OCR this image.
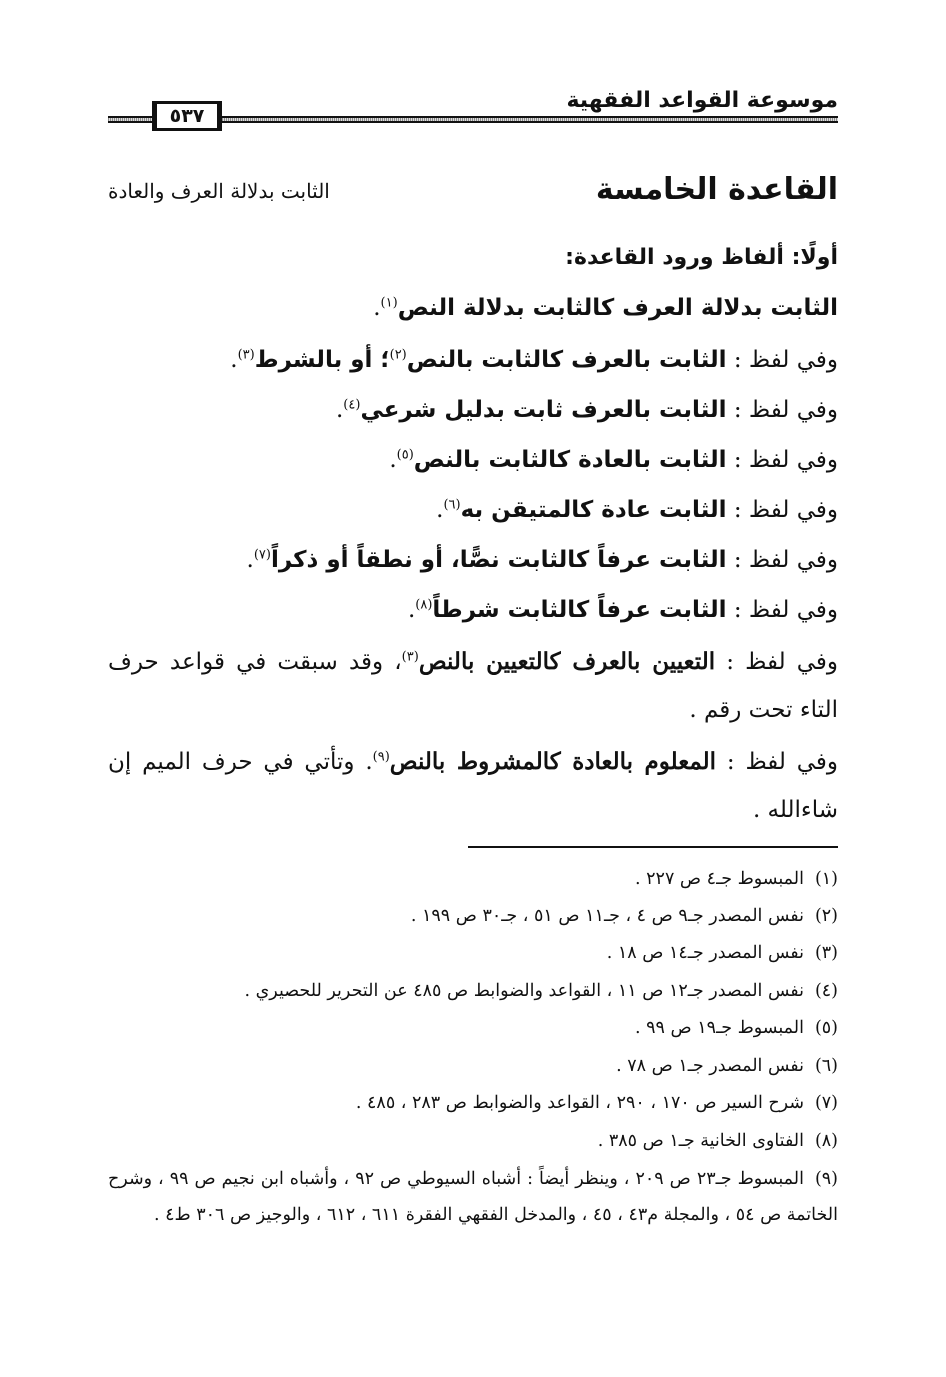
موسوعة القواعد الفقهية
٥٣٧
القاعدة الخامسة
الثابت بدلالة العرف والعادة
أولًا: ألفاظ ورود القاعدة:
الثابت بدلالة العرف كالثابت بدلالة النص$^{(١)}$.
وفي لفظ : الثابت بالعرف كالثابت بالنص$^{(٢)}$؛ أو بالشرط$^{(٣)}$.
وفي لفظ : الثابت بالعرف ثابت بدليل شرعي$^{(٤)}$.
وفي لفظ : الثابت بالعادة كالثابت بالنص$^{(٥)}$.
وفي لفظ : الثابت عادة كالمتيقن به$^{(٦)}$.
وفي لفظ : الثابت عرفاً كالثابت نصًّا، أو نطقاً أو ذكراً$^{(٧)}$.
وفي لفظ : الثابت عرفاً كالثابت شرطاً$^{(٨)}$.
وفي لفظ : التعيين بالعرف كالتعيين بالنص$^{(٣)}$، وقد سبقت في قواعد حرف التاء تحت رقم .
وفي لفظ : المعلوم بالعادة كالمشروط بالنص$^{(٩)}$. وتأتي في حرف الميم إن شاءالله .
(١)المبسوط جـ٤ ص ٢٢٧ .
(٢)نفس المصدر جـ٩ ص ٤ ، جـ١١ ص ٥١ ، جـ٣٠ ص ١٩٩ .
(٣)نفس المصدر جـ١٤ ص ١٨ .
(٤)نفس المصدر جـ١٢ ص ١١ ، القواعد والضوابط ص ٤٨٥ عن التحرير للحصيري .
(٥)المبسوط جـ١٩ ص ٩٩ .
(٦)نفس المصدر جـ١ ص ٧٨ .
(٧)شرح السير ص ١٧٠ ، ٢٩٠ ، القواعد والضوابط ص ٢٨٣ ، ٤٨٥ .
(٨)الفتاوى الخانية جـ١ ص ٣٨٥ .
(٩)المبسوط جـ٢٣ ص ٢٠٩ ، وينظر أيضاً : أشباه السيوطي ص ٩٢ ، وأشباه ابن نجيم ص ٩٩ ، وشرح الخاتمة ص ٥٤ ، والمجلة م٤٣ ، ٤٥ ، والمدخل الفقهي الفقرة ٦١١ ، ٦١٢ ، والوجيز ص ٣٠٦ ط٤ .
